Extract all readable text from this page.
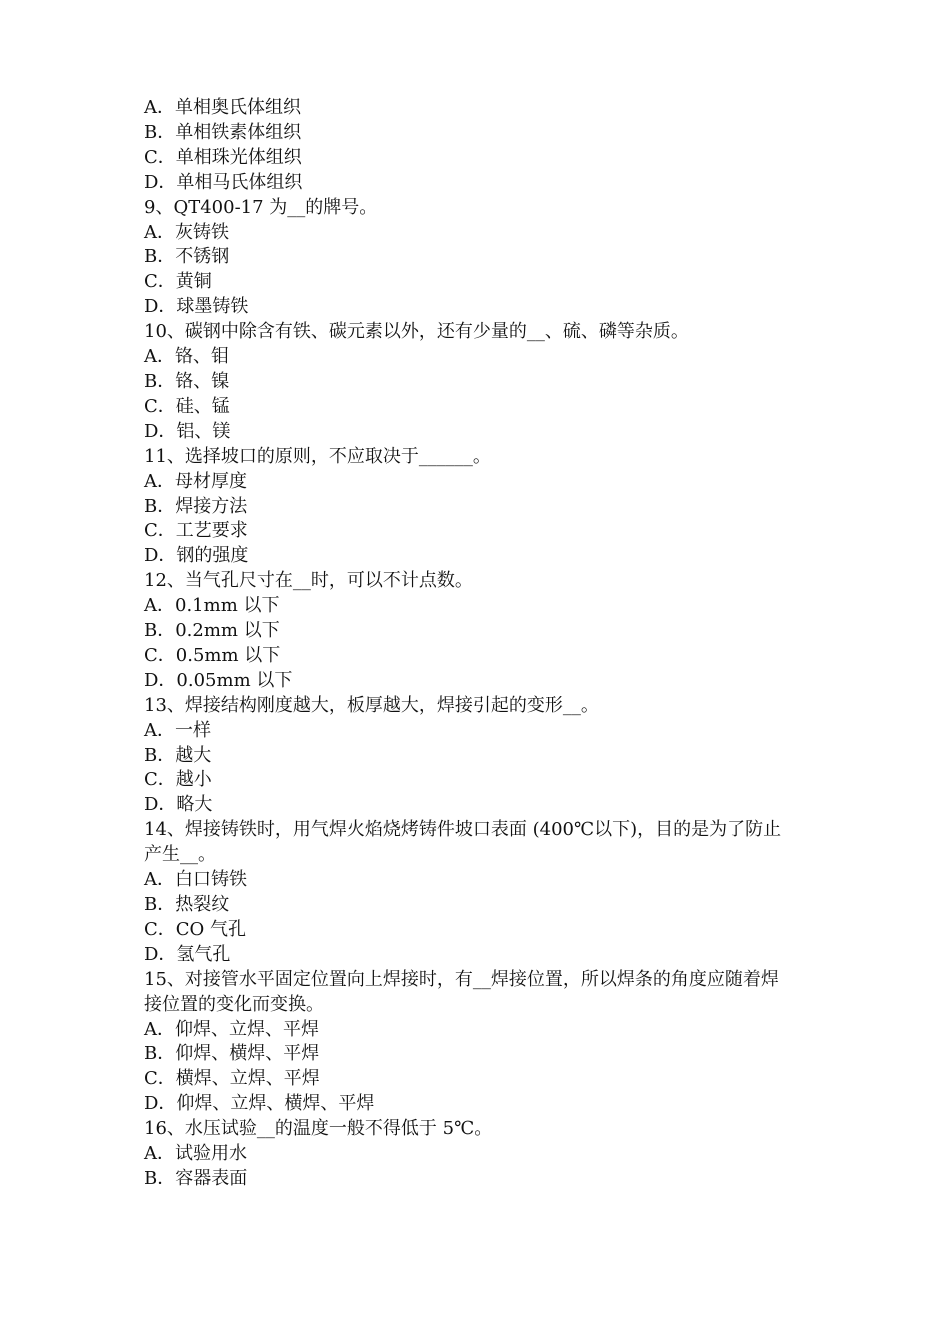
A．单相奥氏体组织
B．单相铁素体组织
C．单相珠光体组织
D．单相马氏体组织
9、QT400-17 为__的牌号。
A．灰铸铁
B．不锈钢
C．黄铜
D．球墨铸铁
10、碳钢中除含有铁、碳元素以外，还有少量的__、硫、磷等杂质。
A．铬、钼
B．铬、镍
C．硅、锰
D．铝、镁
11、选择坡口的原则，不应取决于______。
A．母材厚度
B．焊接方法
C．工艺要求
D．钢的强度
12、当气孔尺寸在__时，可以不计点数。
A．0.1mm 以下
B．0.2mm 以下
C．0.5mm 以下
D．0.05mm 以下
13、焊接结构刚度越大，板厚越大，焊接引起的变形__。
A．一样
B．越大
C．越小
D．略大
14、焊接铸铁时，用气焊火焰烧烤铸件坡口表面 (400℃以下)，目的是为了防止
产生__。
A．白口铸铁
B．热裂纹
C．CO 气孔
D．氢气孔
15、对接管水平固定位置向上焊接时，有__焊接位置，所以焊条的角度应随着焊
接位置的变化而变换。
A．仰焊、立焊、平焊
B．仰焊、横焊、平焊
C．横焊、立焊、平焊
D．仰焊、立焊、横焊、平焊
16、水压试验__的温度一般不得低于 5℃。
A．试验用水
B．容器表面
